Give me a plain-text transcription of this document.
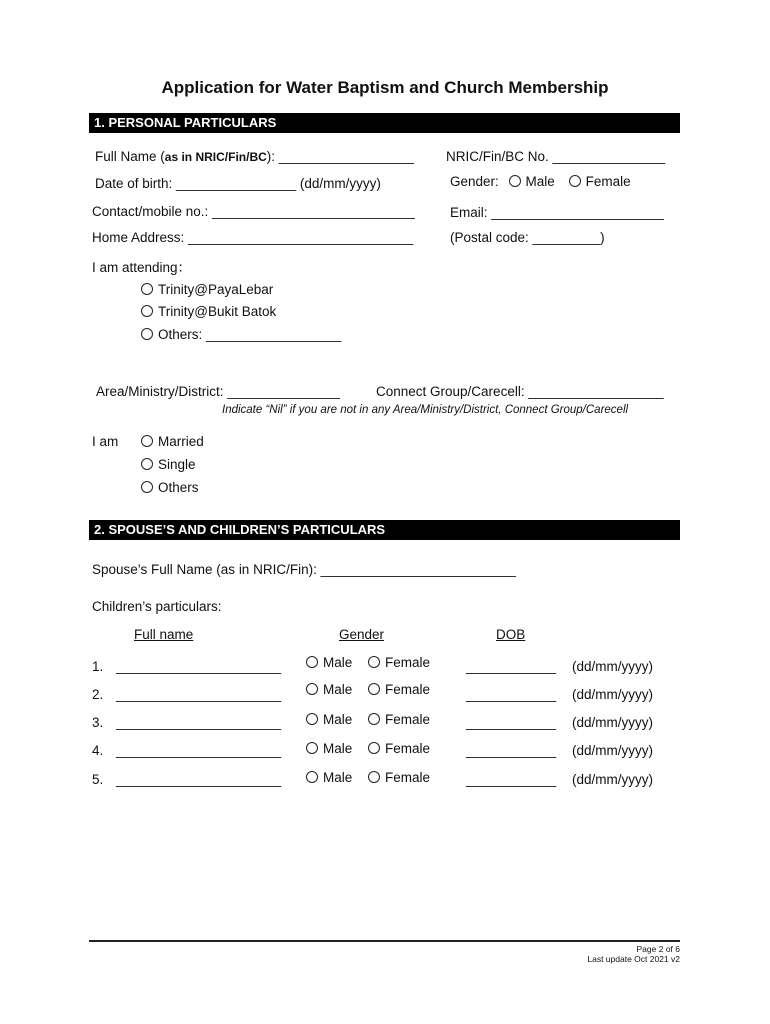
Application for Water Baptism and Church Membership
1. PERSONAL PARTICULARS
Full Name (as in NRIC/Fin/BC): __________________ NRIC/Fin/BC No. _______________
Date of birth: ________________ (dd/mm/yyyy)	Gender: Male Female
Contact/mobile no.: ___________________________	Email: _______________________
Home Address: ______________________________	(Postal code: _________)
I am attending：
Trinity@PayaLebar
Trinity@Bukit Batok
Others: __________________
Area/Ministry/District: _______________	Connect Group/Carecell: __________________
Indicate “Nil” if you are not in any Area/Ministry/District, Connect Group/Carecell
I am	Married
Single
Others
2. SPOUSE’S AND CHILDREN’S PARTICULARS
Spouse’s Full Name (as in NRIC/Fin): __________________________
Children’s particulars:
Full name	Gender	DOB
1. ______________________	Male	Female	____________ (dd/mm/yyyy)
2. ______________________	Male	Female	____________ (dd/mm/yyyy)
3. ______________________	Male	Female	____________ (dd/mm/yyyy)
4. ______________________	Male	Female	____________ (dd/mm/yyyy)
5. ______________________	Male	Female	____________ (dd/mm/yyyy)
Page 2 of 6
Last update Oct 2021 v2
